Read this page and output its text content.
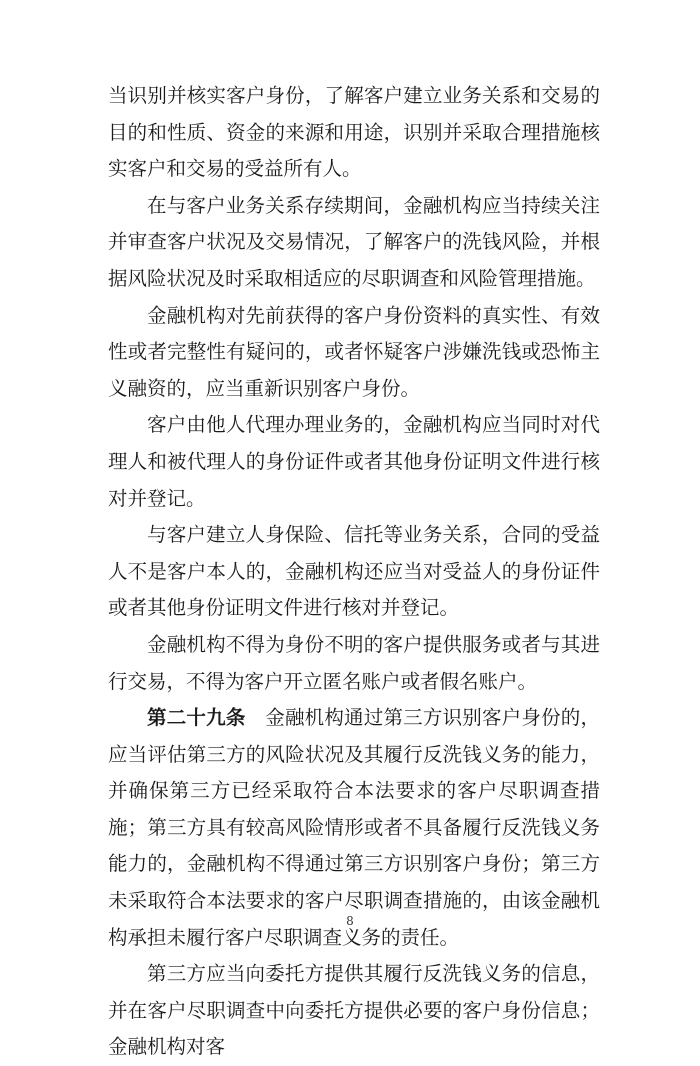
当识别并核实客户身份，了解客户建立业务关系和交易的目的和性质、资金的来源和用途，识别并采取合理措施核实客户和交易的受益所有人。

在与客户业务关系存续期间，金融机构应当持续关注并审查客户状况及交易情况，了解客户的洗钱风险，并根据风险状况及时采取相适应的尽职调查和风险管理措施。

金融机构对先前获得的客户身份资料的真实性、有效性或者完整性有疑问的，或者怀疑客户涉嫌洗钱或恐怖主义融资的，应当重新识别客户身份。

客户由他人代理办理业务的，金融机构应当同时对代理人和被代理人的身份证件或者其他身份证明文件进行核对并登记。

与客户建立人身保险、信托等业务关系，合同的受益人不是客户本人的，金融机构还应当对受益人的身份证件或者其他身份证明文件进行核对并登记。

金融机构不得为身份不明的客户提供服务或者与其进行交易，不得为客户开立匿名账户或者假名账户。

第二十九条  金融机构通过第三方识别客户身份的，应当评估第三方的风险状况及其履行反洗钱义务的能力，并确保第三方已经采取符合本法要求的客户尽职调查措施；第三方具有较高风险情形或者不具备履行反洗钱义务能力的，金融机构不得通过第三方识别客户身份；第三方未采取符合本法要求的客户尽职调查措施的，由该金融机构承担未履行客户尽职调查义务的责任。

第三方应当向委托方提供其履行反洗钱义务的信息，并在客户尽职调查中向委托方提供必要的客户身份信息；金融机构对客

8
